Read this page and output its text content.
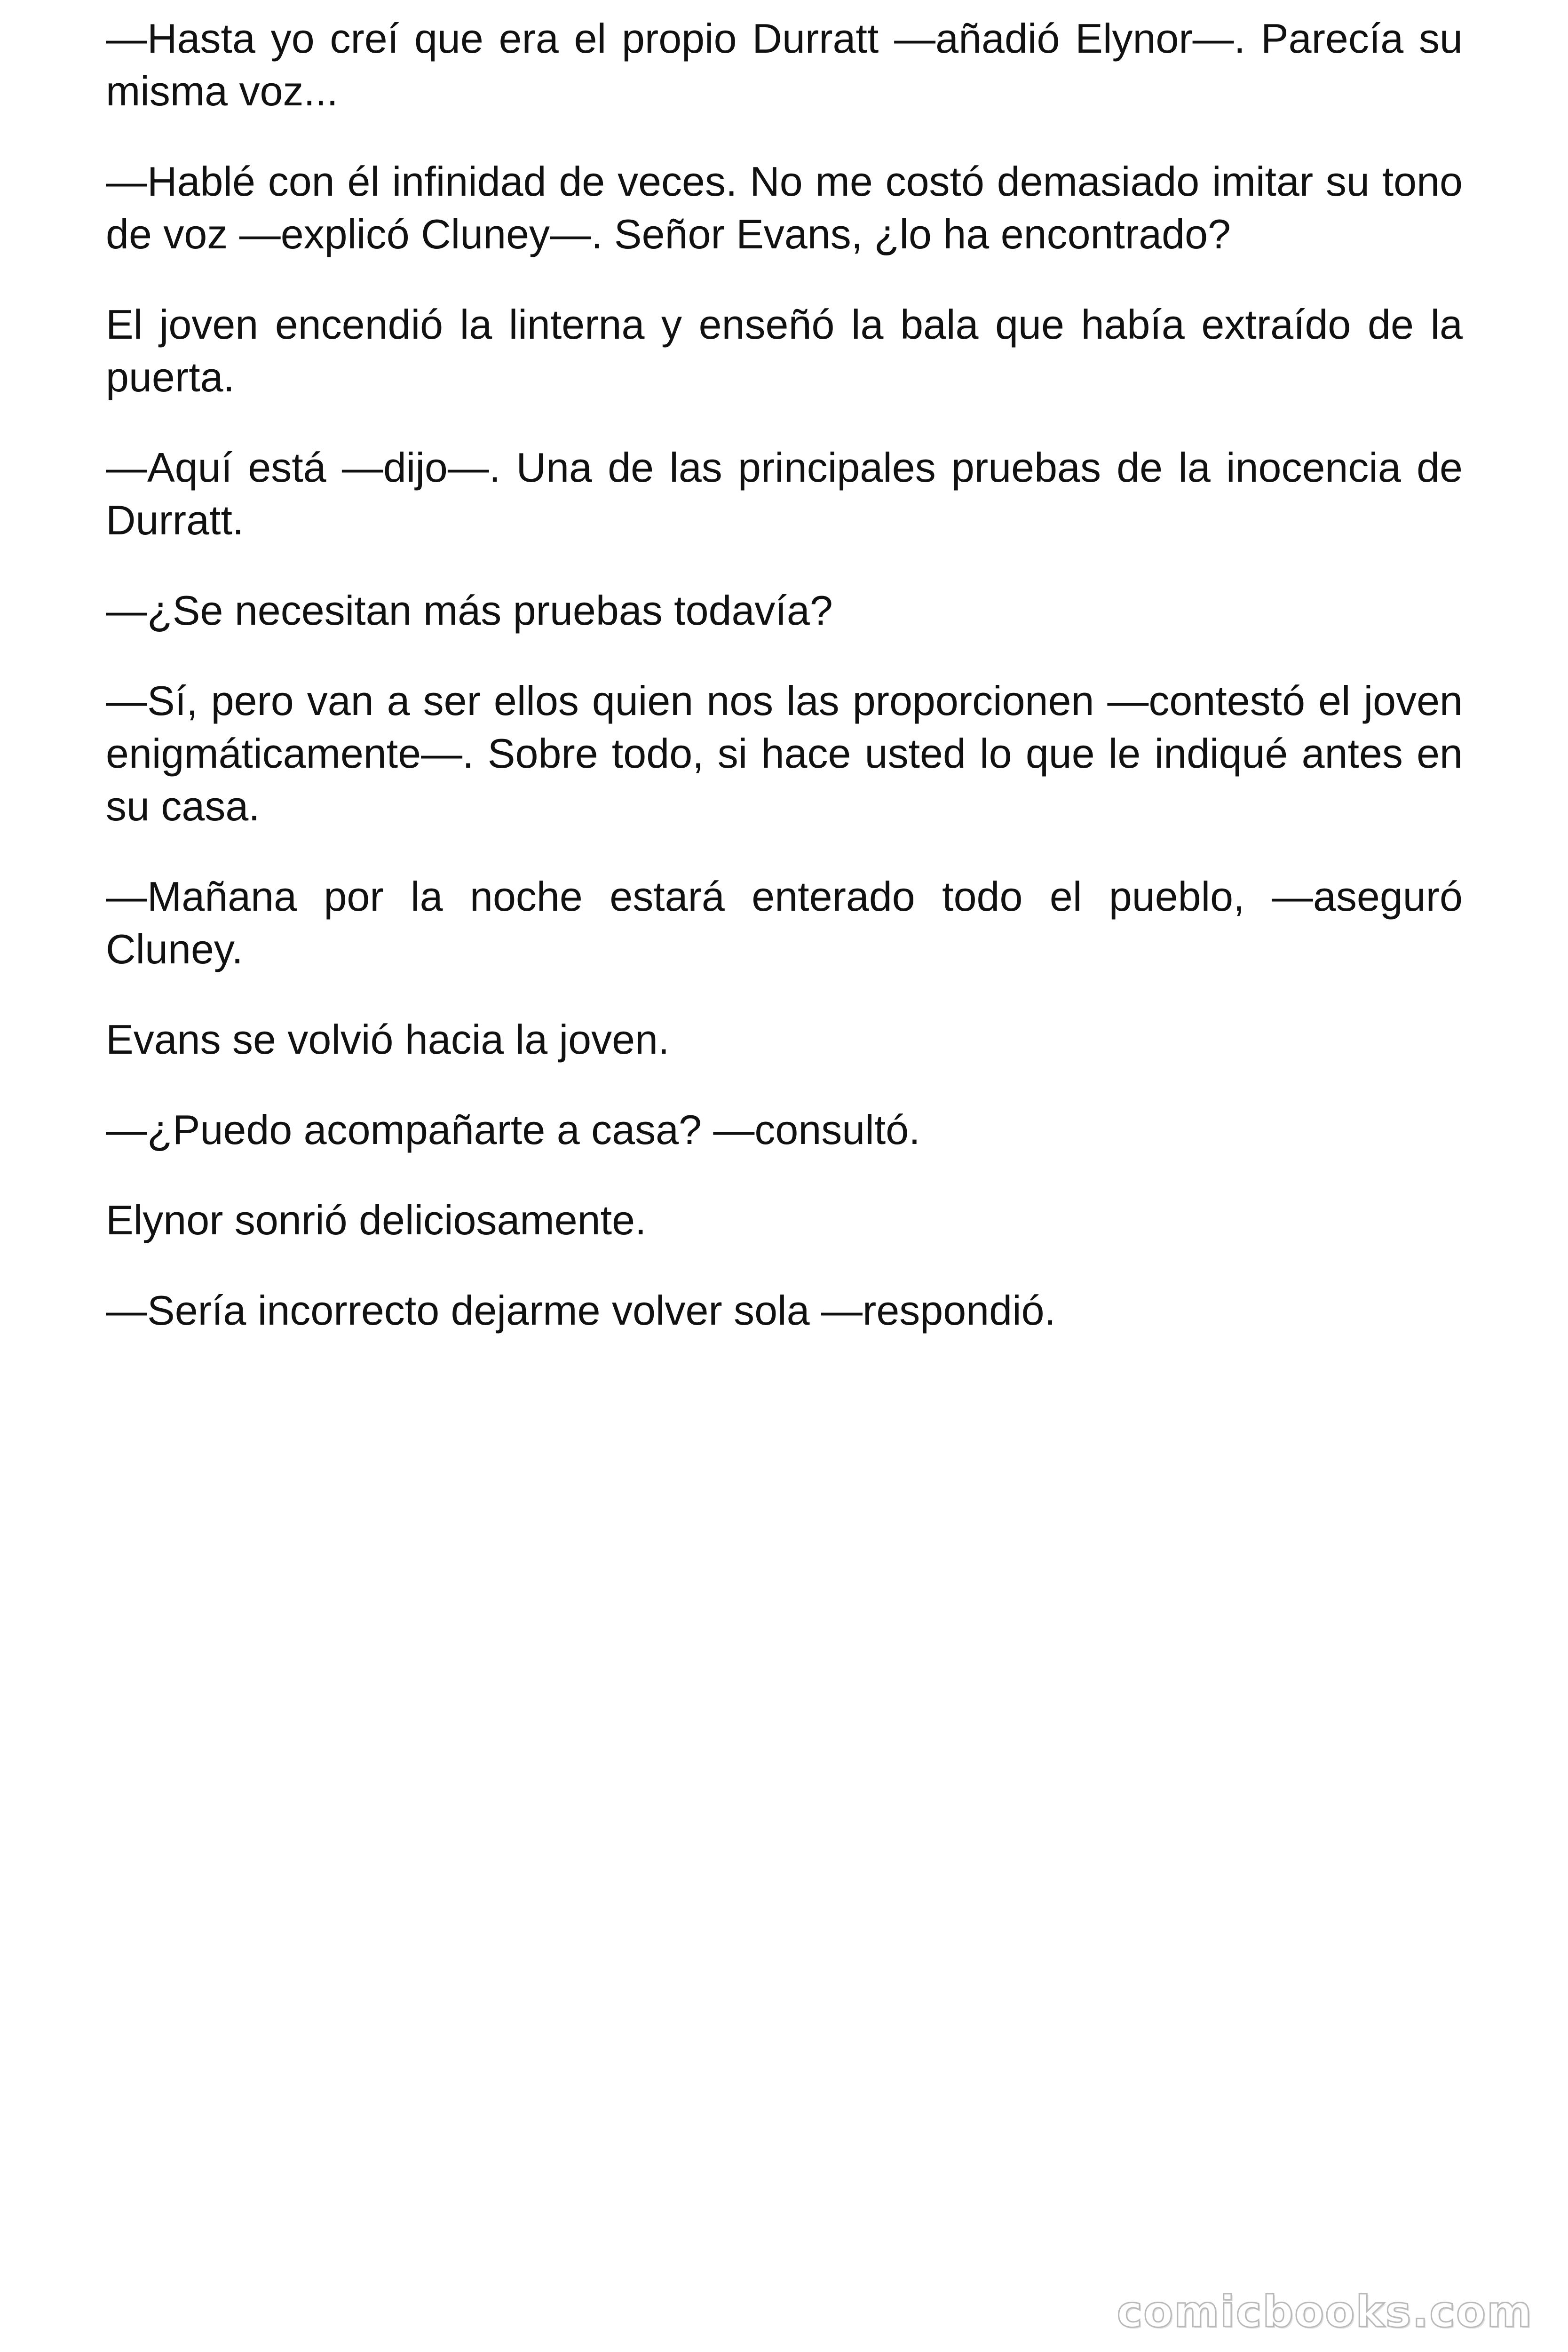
—Hasta yo creí que era el propio Durratt —añadió Elynor—. Parecía su misma voz...

—Hablé con él infinidad de veces. No me costó demasiado imitar su tono de voz —explicó Cluney—. Señor Evans, ¿lo ha encontrado?

El joven encendió la linterna y enseñó la bala que había extraído de la puerta.

—Aquí está —dijo—. Una de las principales pruebas de la inocencia de Durratt.

—¿Se necesitan más pruebas todavía?

—Sí, pero van a ser ellos quien nos las proporcionen —contestó el joven enigmáticamente—. Sobre todo, si hace usted lo que le indiqué antes en su casa.

—Mañana por la noche estará enterado todo el pueblo, —aseguró Cluney.

Evans se volvió hacia la joven.

—¿Puedo acompañarte a casa? —consultó.

Elynor sonrió deliciosamente.

—Sería incorrecto dejarme volver sola —respondió.

comicbooks.com
